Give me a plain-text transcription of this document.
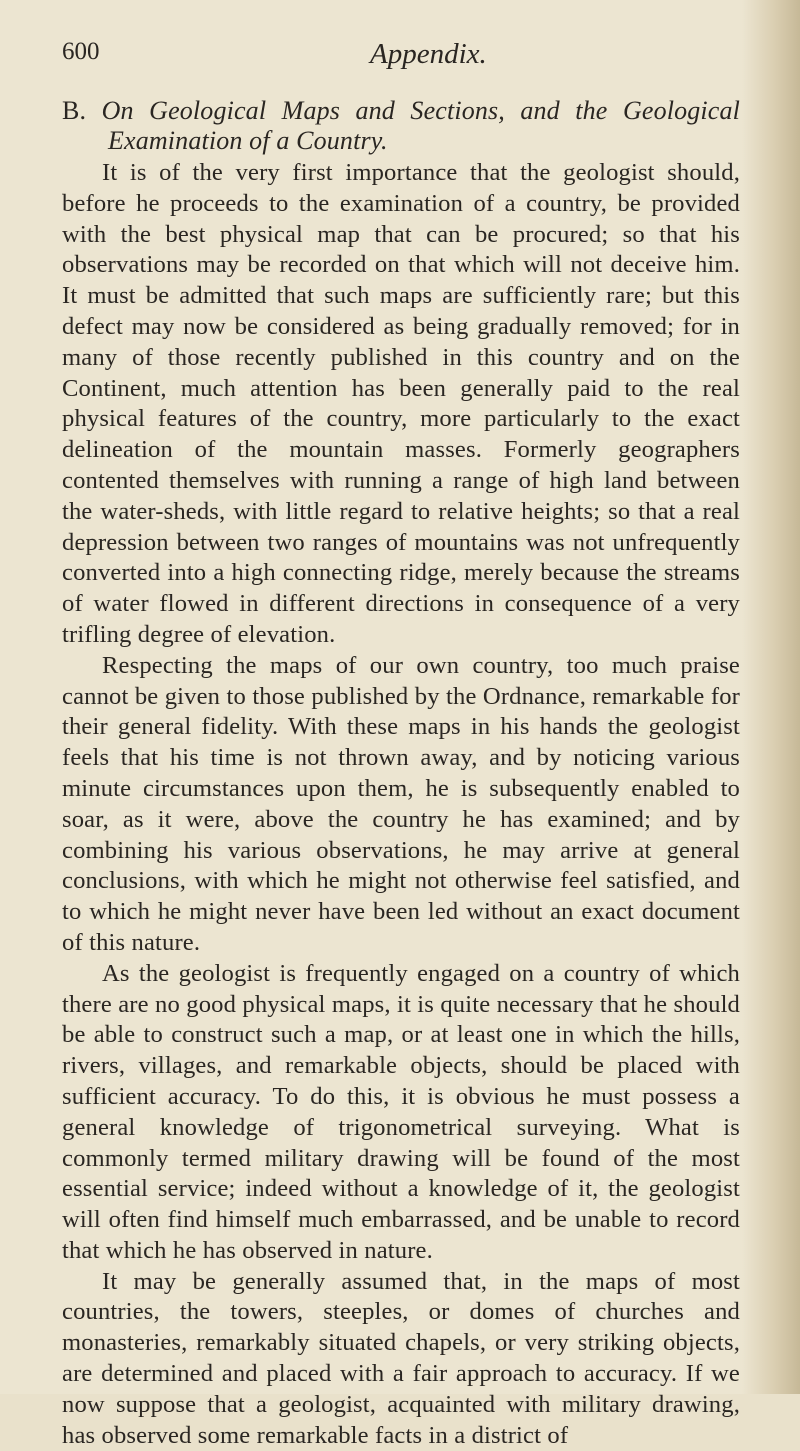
600	Appendix.
B. On Geological Maps and Sections, and the Geological Examination of a Country.

It is of the very first importance that the geologist should, before he proceeds to the examination of a country, be provided with the best physical map that can be procured; so that his observations may be recorded on that which will not deceive him. It must be admitted that such maps are sufficiently rare; but this defect may now be considered as being gradually removed; for in many of those recently published in this country and on the Continent, much attention has been generally paid to the real physical features of the country, more particularly to the exact delineation of the mountain masses. Formerly geographers contented themselves with running a range of high land between the water-sheds, with little regard to relative heights; so that a real depression between two ranges of mountains was not unfrequently converted into a high connecting ridge, merely because the streams of water flowed in different directions in consequence of a very trifling degree of elevation.

Respecting the maps of our own country, too much praise cannot be given to those published by the Ordnance, remarkable for their general fidelity. With these maps in his hands the geologist feels that his time is not thrown away, and by noticing various minute circumstances upon them, he is subsequently enabled to soar, as it were, above the country he has examined; and by combining his various observations, he may arrive at general conclusions, with which he might not otherwise feel satisfied, and to which he might never have been led without an exact document of this nature.

As the geologist is frequently engaged on a country of which there are no good physical maps, it is quite necessary that he should be able to construct such a map, or at least one in which the hills, rivers, villages, and remarkable objects, should be placed with sufficient accuracy. To do this, it is obvious he must possess a general knowledge of trigonometrical surveying. What is commonly termed military drawing will be found of the most essential service; indeed without a knowledge of it, the geologist will often find himself much embarrassed, and be unable to record that which he has observed in nature.

It may be generally assumed that, in the maps of most countries, the towers, steeples, or domes of churches and monasteries, remarkably situated chapels, or very striking objects, are determined and placed with a fair approach to accuracy. If we now suppose that a geologist, acquainted with military drawing, has observed some remarkable facts in a district of
